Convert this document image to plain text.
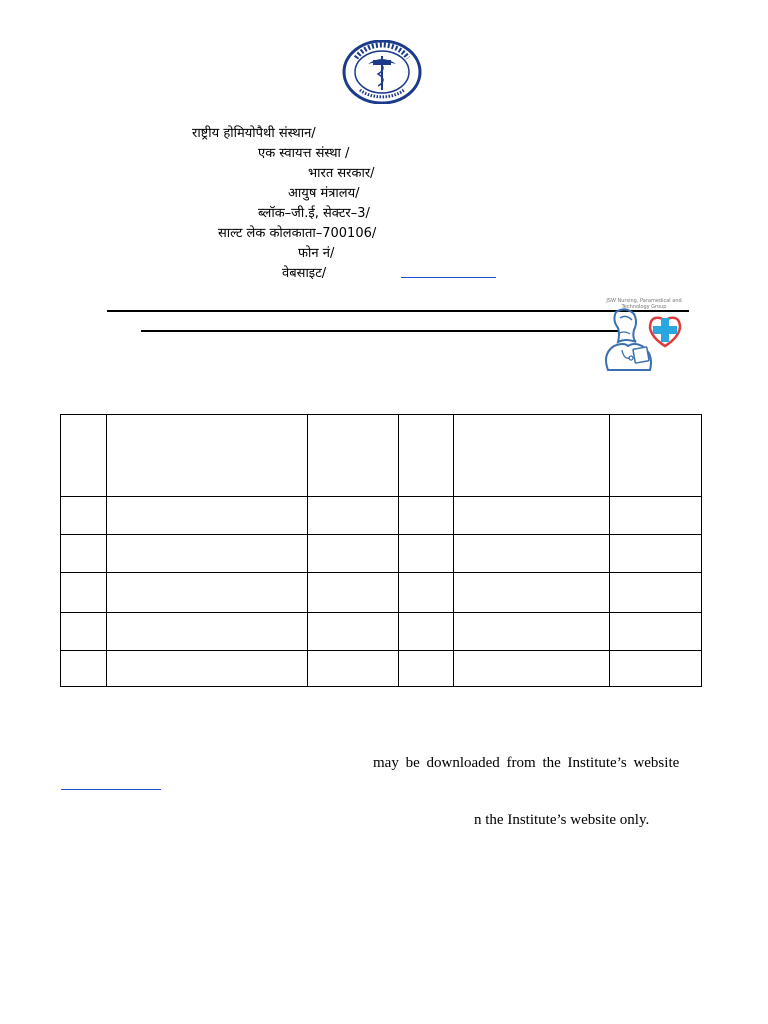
राष्ट्रीय होमियोपैथी संस्थान/
एक स्वायत्त संस्था /
भारत सरकार/
आयुष मंत्रालय/
ब्लॉक–जी.ई, सेक्टर–3/
साल्ट लेक कोलकाता–700106/
फोन नं/
वेबसाइट/
JSW Nursing, Paramedical and Technology Group

may be downloaded from the Institute’s website
n the Institute’s website only.
